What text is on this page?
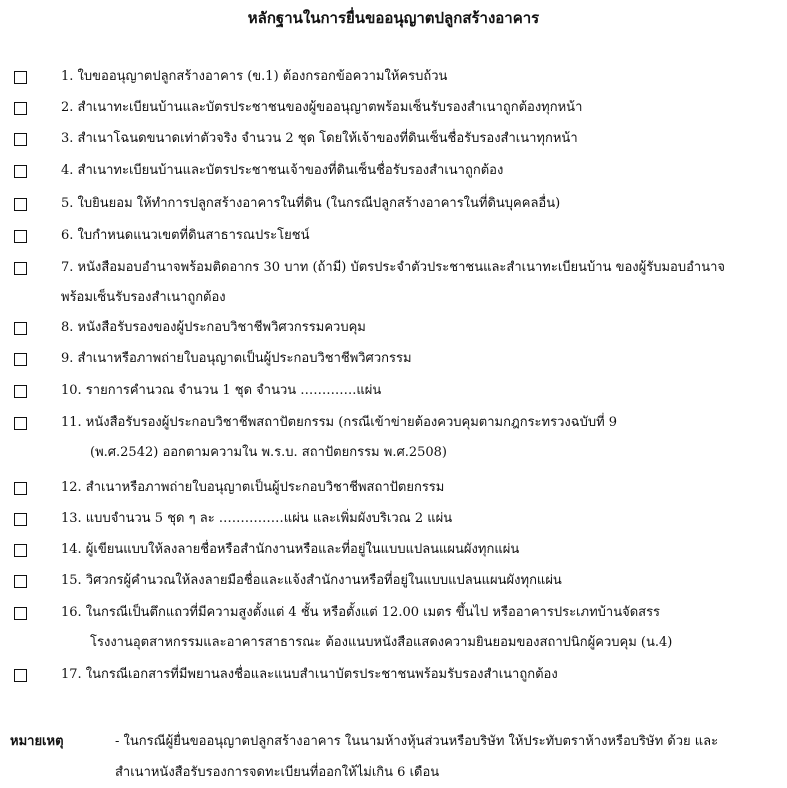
หลักฐานในการยื่นขออนุญาตปลูกสร้างอาคาร
1. ใบขออนุญาตปลูกสร้างอาคาร (ข.1) ต้องกรอกข้อความให้ครบถ้วน
2. สำเนาทะเบียนบ้านและบัตรประชาชนของผู้ขออนุญาตพร้อมเซ็นรับรองสำเนาถูกต้องทุกหน้า
3. สำเนาโฉนดขนาดเท่าตัวจริง จำนวน 2 ชุด โดยให้เจ้าของที่ดินเซ็นชื่อรับรองสำเนาทุกหน้า
4. สำเนาทะเบียนบ้านและบัตรประชาชนเจ้าของที่ดินเซ็นชื่อรับรองสำเนาถูกต้อง
5. ใบยินยอม ให้ทำการปลูกสร้างอาคารในที่ดิน (ในกรณีปลูกสร้างอาคารในที่ดินบุคคลอื่น)
6. ใบกำหนดแนวเขตที่ดินสาธารณประโยชน์
7. หนังสือมอบอำนาจพร้อมติดอากร 30 บาท (ถ้ามี) บัตรประจำตัวประชาชนและสำเนาทะเบียนบ้าน ของผู้รับมอบอำนาจ
พร้อมเซ็นรับรองสำเนาถูกต้อง
8. หนังสือรับรองของผู้ประกอบวิชาชีพวิศวกรรมควบคุม
9. สำเนาหรือภาพถ่ายใบอนุญาตเป็นผู้ประกอบวิชาชีพวิศวกรรม
10. รายการคำนวณ จำนวน 1 ชุด จำนวน ………….แผ่น
11. หนังสือรับรองผู้ประกอบวิชาชีพสถาปัตยกรรม (กรณีเข้าข่ายต้องควบคุมตามกฎกระทรวงฉบับที่ 9
(พ.ศ.2542) ออกตามความใน พ.ร.บ. สถาปัตยกรรม พ.ศ.2508)
12. สำเนาหรือภาพถ่ายใบอนุญาตเป็นผู้ประกอบวิชาชีพสถาปัตยกรรม
13. แบบจำนวน 5 ชุด ๆ ละ ……………แผ่น และเพิ่มผังบริเวณ 2 แผ่น
14. ผู้เขียนแบบให้ลงลายชื่อหรือสำนักงานหรือและที่อยู่ในแบบแปลนแผนผังทุกแผ่น
15. วิศวกรผู้คำนวณให้ลงลายมือชื่อและแจ้งสำนักงานหรือที่อยู่ในแบบแปลนแผนผังทุกแผ่น
16. ในกรณีเป็นตึกแถวที่มีความสูงตั้งแต่ 4 ชั้น หรือตั้งแต่ 12.00 เมตร ขึ้นไป หรืออาคารประเภทบ้านจัดสรร
โรงงานอุตสาหกรรมและอาคารสาธารณะ ต้องแนบหนังสือแสดงความยินยอมของสถาปนิกผู้ควบคุม (น.4)
17. ในกรณีเอกสารที่มีพยานลงชื่อและแนบสำเนาบัตรประชาชนพร้อมรับรองสำเนาถูกต้อง
หมายเหตุ	- ในกรณีผู้ยื่นขออนุญาตปลูกสร้างอาคาร ในนามห้างหุ้นส่วนหรือบริษัท ให้ประทับตราห้างหรือบริษัท ด้วย และ
สำเนาหนังสือรับรองการจดทะเบียนที่ออกให้ไม่เกิน 6 เดือน
